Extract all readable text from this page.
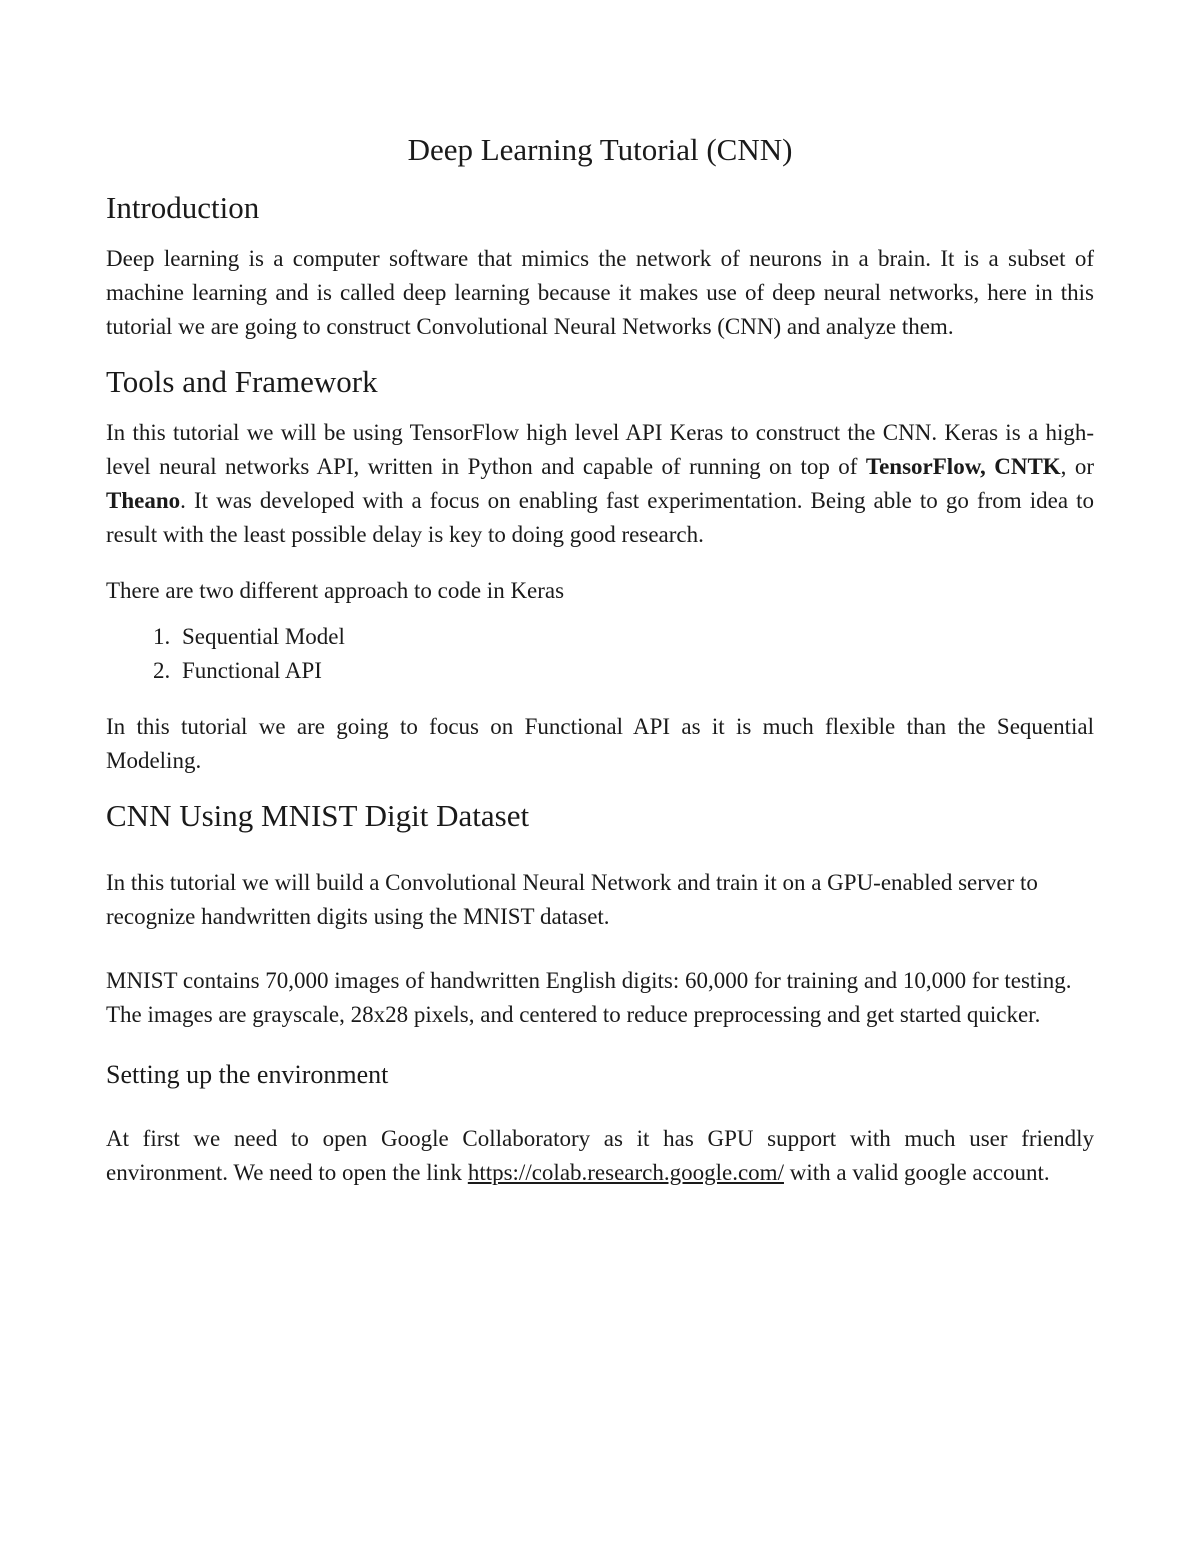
Deep Learning Tutorial (CNN)
Introduction

Deep learning is a computer software that mimics the network of neurons in a brain. It is a subset of machine learning and is called deep learning because it makes use of deep neural networks, here in this tutorial we are going to construct Convolutional Neural Networks (CNN) and analyze them.

Tools and Framework

In this tutorial we will be using TensorFlow high level API Keras to construct the CNN. Keras is a high-level neural networks API, written in Python and capable of running on top of TensorFlow, CNTK, or Theano. It was developed with a focus on enabling fast experimentation. Being able to go from idea to result with the least possible delay is key to doing good research.

There are two different approach to code in Keras

1. Sequential Model
2. Functional API

In this tutorial we are going to focus on Functional API as it is much flexible than the Sequential Modeling.

CNN Using MNIST Digit Dataset

In this tutorial we will build a Convolutional Neural Network and train it on a GPU-enabled server to recognize handwritten digits using the MNIST dataset.

MNIST contains 70,000 images of handwritten English digits: 60,000 for training and 10,000 for testing. The images are grayscale, 28x28 pixels, and centered to reduce preprocessing and get started quicker.

Setting up the environment

At first we need to open Google Collaboratory as it has GPU support with much user friendly environment. We need to open the link https://colab.research.google.com/ with a valid google account.
